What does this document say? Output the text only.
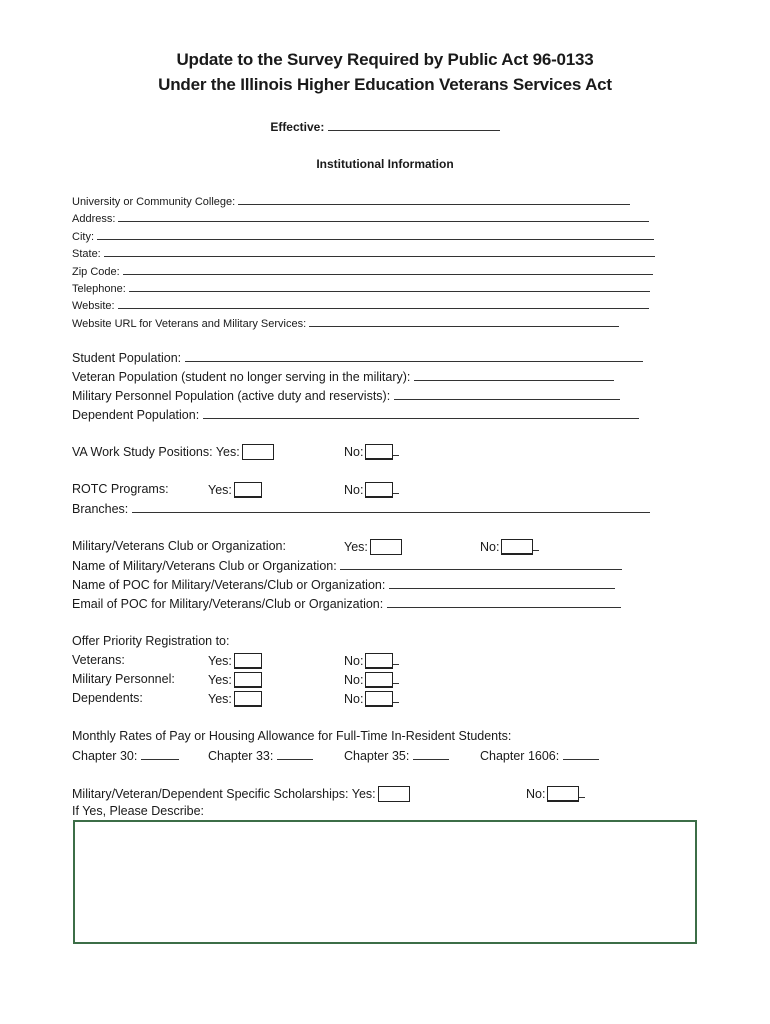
Update to the Survey Required by Public Act 96-0133
Under the Illinois Higher Education Veterans Services Act
Effective:
Institutional Information
University or Community College:
Address:
City:
State:
Zip Code:
Telephone:
Website:
Website URL for Veterans and Military Services:
Student Population:
Veteran Population (student no longer serving in the military):
Military Personnel Population (active duty and reservists):
Dependent Population:
VA Work Study Positions: Yes:	No:
ROTC Programs:	Yes:	No:
Branches:
Military/Veterans Club or Organization:	Yes:	No:
Name of Military/Veterans Club or Organization:
Name of POC for Military/Veterans/Club or Organization:
Email of POC for Military/Veterans/Club or Organization:
Offer Priority Registration to:
Veterans:	Yes:	No:
Military Personnel:	Yes:	No:
Dependents:	Yes:	No:
Monthly Rates of Pay or Housing Allowance for Full-Time In-Resident Students:
Chapter 30:	Chapter 33:	Chapter 35:	Chapter 1606:
Military/Veteran/Dependent Specific Scholarships: Yes:	No:
If Yes, Please Describe:
